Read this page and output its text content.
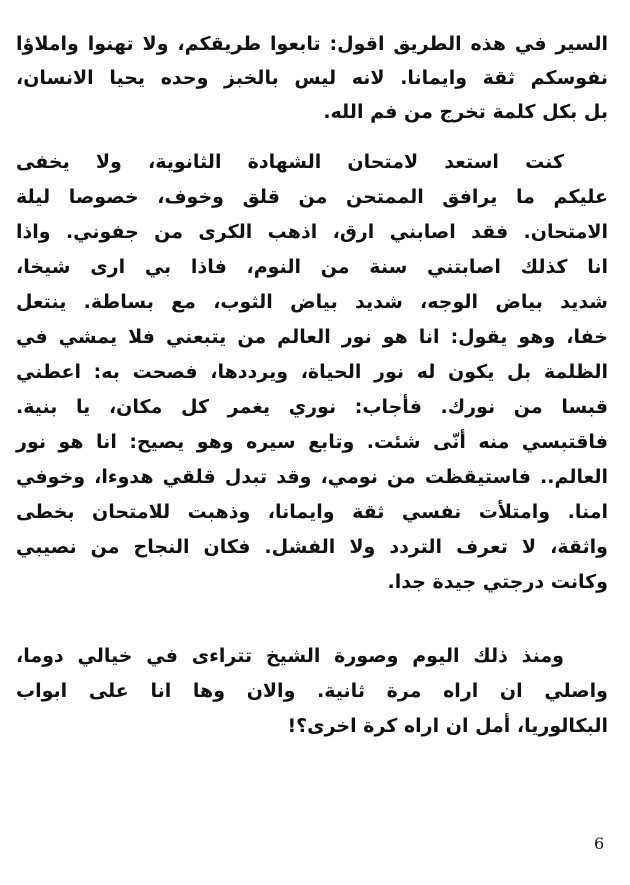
السير في هذه الطريق اقول: تابعوا طريقكم، ولا تهنوا واملاؤا
نفوسكم ثقة وايمانا. لانه ليس بالخبز وحده يحيا الانسان،
بل بكل كلمة تخرج من فم الله.
كنت استعد لامتحان الشهادة الثانوية، ولا يخفى
عليكم ما يرافق الممتحن من قلق وخوف، خصوصا ليلة
الامتحان. فقد اصابني ارق، اذهب الكرى من جفوني. واذا
انا كذلك اصابتني سنة من النوم، فاذا بي ارى شيخا،
شديد بياض الوجه، شديد بياض الثوب، مع بساطة. ينتعل
خفا، وهو يقول: انا هو نور العالم من يتبعني فلا يمشي في
الظلمة بل يكون له نور الحياة، ويرددها، فصحت به: اعطني
قبسا من نورك. فأجاب: نوري يغمر كل مكان، يا بنية.
فاقتبسي منه أنّى شئت. وتابع سيره وهو يصيح: انا هو نور
العالم.. فاستيقظت من نومي، وقد تبدل قلقي هدوءا، وخوفي
امنا. وامتلأت نفسي ثقة وايمانا، وذهبت للامتحان بخطى
واثقة، لا تعرف التردد ولا الفشل. فكان النجاح من نصيبي
وكانت درجتي جيدة جدا.
ومنذ ذلك اليوم وصورة الشيخ تتراءى في خيالي دوما،
واصلي ان اراه مرة ثانية. والان وها انا على ابواب
البكالوريا، أمل ان اراه كرة اخرى؟!
6
